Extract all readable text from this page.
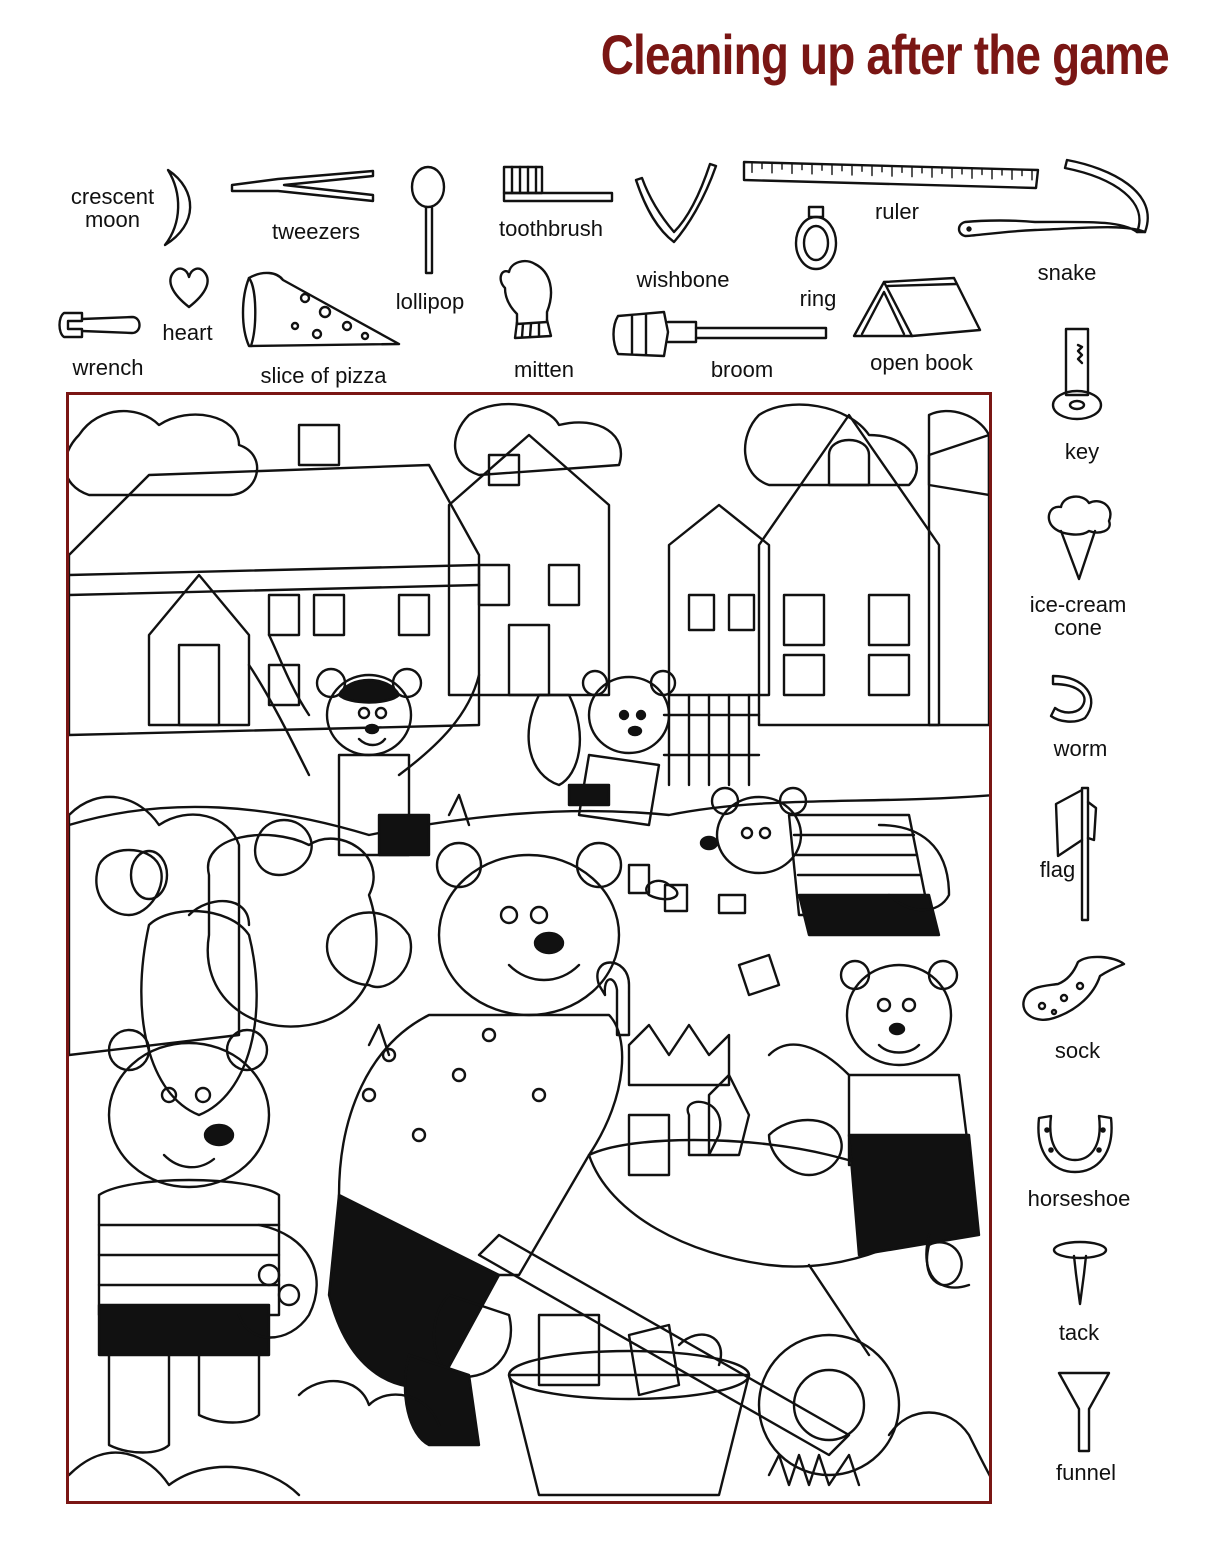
Cleaning up after the game
crescent
moon	tweezers
lollipop
toothbrush
wishbone
ruler
ring
snake
wrench
heart
slice of pizza	mitten	broom	open book
key
ice-cream
cone
worm
flag
sock
horseshoe
tack
funnel
